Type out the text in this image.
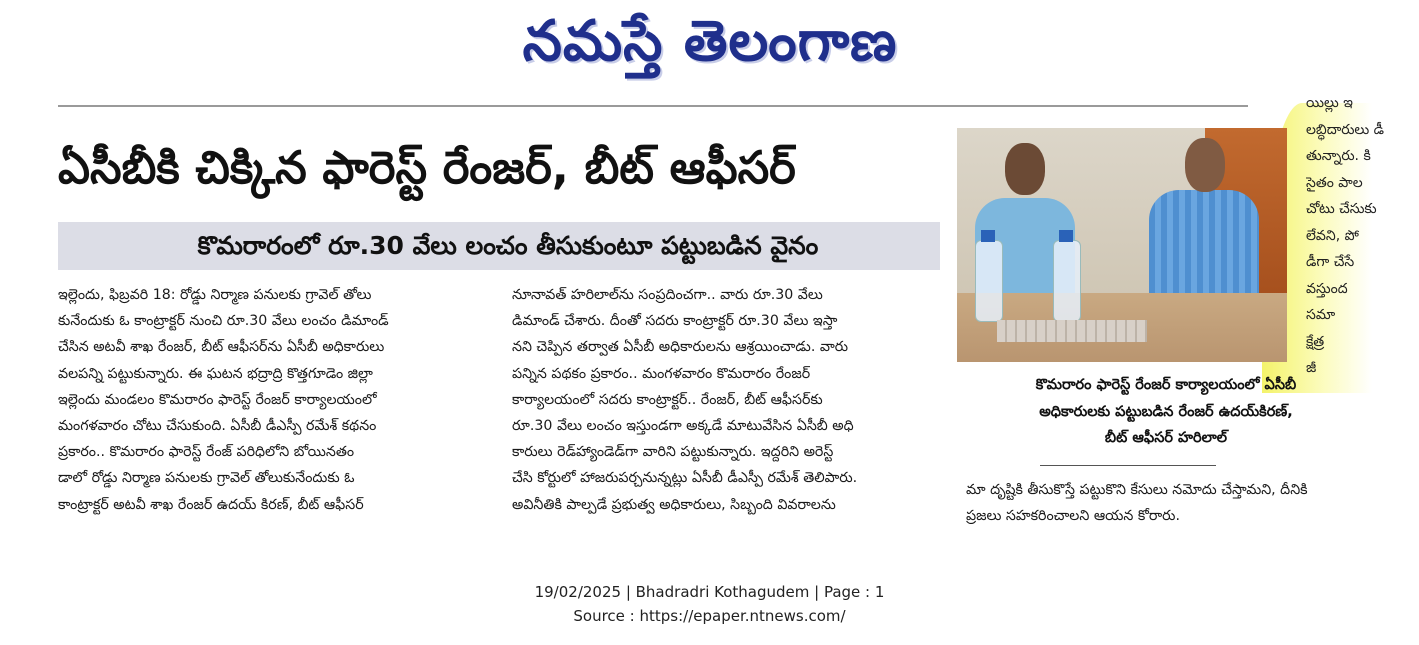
నమస్తే తెలంగాణ
యిల్లు ఇ
లబ్ధిదారులు డీ
తున్నారు. కి
సైతం పాల
చోటు చేసుకు
లేవని, పో
డీగా చేసే
వస్తుంద
సమా
క్షేత్ర
జీ
ఏసీబీకి చిక్కిన ఫారెస్ట్ రేంజర్, బీట్ ఆఫీసర్
కొమరారంలో రూ.30 వేలు లంచం తీసుకుంటూ పట్టుబడిన వైనం
ఇల్లెందు, ఫిబ్రవరి 18: రోడ్డు నిర్మాణ పనులకు గ్రావెల్ తోలు
కునేందుకు ఓ కాంట్రాక్టర్ నుంచి రూ.30 వేలు లంచం డిమాండ్
చేసిన అటవీ శాఖ రేంజర్, బీట్ ఆఫీసర్‌ను ఏసీబీ అధికారులు
వలపన్ని పట్టుకున్నారు. ఈ ఘటన భద్రాద్రి కొత్తగూడెం జిల్లా
ఇల్లెందు మండలం కొమరారం ఫారెస్ట్ రేంజర్ కార్యాలయంలో
మంగళవారం చోటు చేసుకుంది. ఏసీబీ డీఎస్పీ రమేశ్ కథనం
ప్రకారం.. కొమరారం ఫారెస్ట్ రేంజ్ పరిధిలోని బోయినతం
డాలో రోడ్డు నిర్మాణ పనులకు గ్రావెల్ తోలుకునేందుకు ఓ
కాంట్రాక్టర్ అటవీ శాఖ రేంజర్ ఉదయ్ కిరణ్, బీట్ ఆఫీసర్
నూనావత్ హరిలాల్‌ను సంప్రదించగా.. వారు రూ.30 వేలు
డిమాండ్ చేశారు. దీంతో సదరు కాంట్రాక్టర్ రూ.30 వేలు ఇస్తా
నని చెప్పిన తర్వాత ఏసీబీ అధికారులను ఆశ్రయించాడు. వారు
పన్నిన పథకం ప్రకారం.. మంగళవారం కొమరారం రేంజర్
కార్యాలయంలో సదరు కాంట్రాక్టర్.. రేంజర్, బీట్ ఆఫీసర్‌కు
రూ.30 వేలు లంచం ఇస్తుండగా అక్కడే మాటువేసిన ఏసీబీ అధి
కారులు రెడ్‌హ్యాండెడ్‌గా వారిని పట్టుకున్నారు. ఇద్దరిని అరెస్ట్
చేసి కోర్టులో హాజరుపర్చనున్నట్లు ఏసీబీ డీఎస్పీ రమేశ్ తెలిపారు.
అవినీతికి పాల్పడే ప్రభుత్వ అధికారులు, సిబ్బంది వివరాలను
కొమరారం ఫారెస్ట్ రేంజర్ కార్యాలయంలో ఏసీబీ
అధికారులకు పట్టుబడిన రేంజర్ ఉదయ్‌కిరణ్,
బీట్ ఆఫీసర్ హరిలాల్
మా దృష్టికి తీసుకొస్తే పట్టుకొని కేసులు నమోదు చేస్తామని, దీనికి
ప్రజలు సహకరించాలని ఆయన కోరారు.
19/02/2025 | Bhadradri Kothagudem | Page : 1
Source : https://epaper.ntnews.com/
